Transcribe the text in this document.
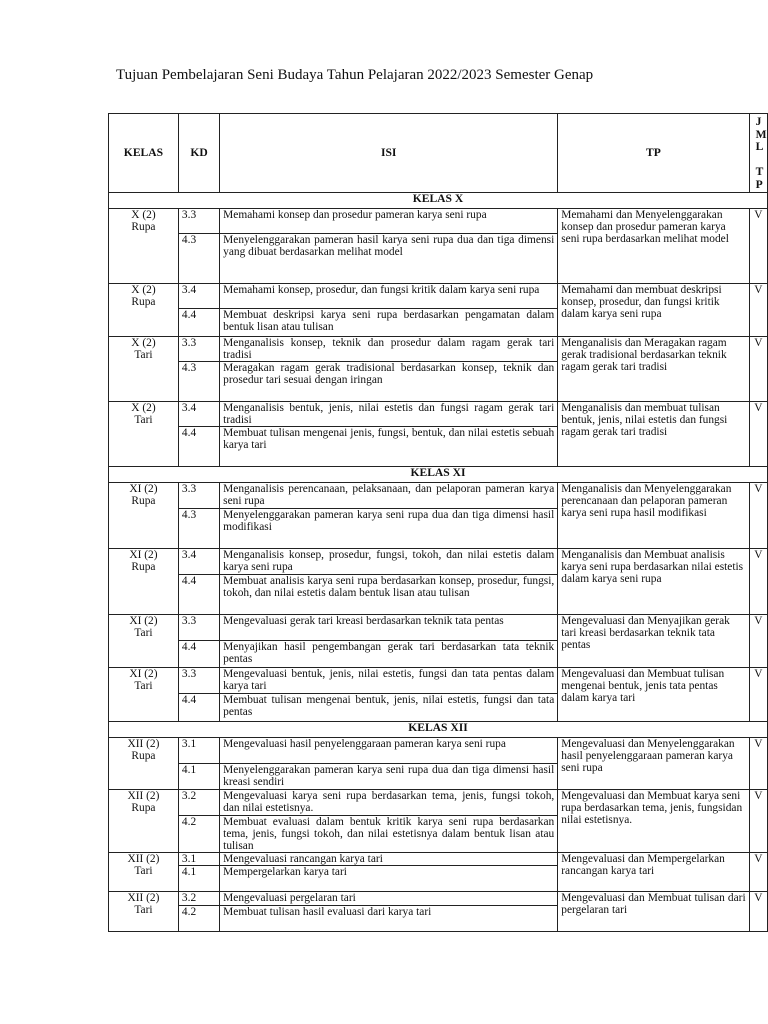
Tujuan Pembelajaran Seni Budaya Tahun Pelajaran 2022/2023 Semester Genap
KELAS	KD	ISI	TP	J
M
L

T
P

KELAS X				

X (2)
Rupa	3.3	Memahami konsep dan prosedur pameran karya seni rupa	Memahami dan Menyelenggarakan konsep dan prosedur pameran karya seni rupa berdasarkan melihat model	V
	4.3	Menyelenggarakan pameran hasil karya seni rupa dua dan tiga dimensi yang dibuat berdasarkan melihat model		

X (2)
Rupa	3.4	Memahami konsep, prosedur, dan fungsi kritik dalam karya seni rupa	Memahami dan membuat deskripsi konsep, prosedur, dan fungsi kritik dalam karya seni rupa	V
	4.4	Membuat deskripsi karya seni rupa berdasarkan pengamatan dalam bentuk lisan atau tulisan		

X (2)
Tari	3.3	Menganalisis konsep, teknik dan prosedur dalam ragam gerak tari tradisi	Menganalisis dan Meragakan ragam gerak tradisional berdasarkan teknik ragam gerak tari tradisi	V
	4.3	Meragakan ragam gerak tradisional berdasarkan konsep, teknik dan prosedur tari sesuai dengan iringan		

X (2)
Tari	3.4	Menganalisis bentuk, jenis, nilai estetis dan fungsi ragam gerak tari tradisi	Menganalisis dan membuat tulisan bentuk, jenis, nilai estetis dan fungsi ragam gerak tari tradisi	V
	4.4	Membuat tulisan mengenai jenis, fungsi, bentuk, dan nilai estetis sebuah karya tari		
KELAS XI				

XI (2)
Rupa	3.3	Menganalisis perencanaan, pelaksanaan, dan pelaporan pameran karya seni rupa	Menganalisis dan Menyelenggarakan perencanaan dan pelaporan pameran karya seni rupa hasil modifikasi	V
	4.3	Menyelenggarakan pameran karya seni rupa dua dan tiga dimensi hasil modifikasi		

XI (2)
Rupa	3.4	Menganalisis konsep, prosedur, fungsi, tokoh, dan nilai estetis dalam karya seni rupa	Menganalisis dan Membuat analisis karya seni rupa berdasarkan nilai estetis dalam karya seni rupa	V
	4.4	Membuat analisis karya seni rupa berdasarkan konsep, prosedur, fungsi, tokoh, dan nilai estetis dalam bentuk lisan atau tulisan		

XI (2)
Tari	3.3	Mengevaluasi gerak tari kreasi berdasarkan teknik tata pentas	Mengevaluasi dan Menyajikan gerak tari kreasi berdasarkan teknik tata pentas	V
	4.4	Menyajikan hasil pengembangan gerak tari berdasarkan tata teknik pentas		

XI (2)
Tari	3.3	Mengevaluasi bentuk, jenis, nilai estetis, fungsi dan tata pentas dalam karya tari	Mengevaluasi dan Membuat tulisan mengenai bentuk, jenis tata pentas dalam karya tari	V
	4.4	Membuat tulisan mengenai bentuk, jenis, nilai estetis, fungsi dan tata pentas		
KELAS XII				

XII (2)
Rupa	3.1	Mengevaluasi hasil penyelenggaraan pameran karya seni rupa	Mengevaluasi dan Menyelenggarakan hasil penyelenggaraan pameran karya seni rupa	V
	4.1	Menyelenggarakan pameran karya seni rupa dua dan tiga dimensi hasil kreasi sendiri		

XII (2)
Rupa	3.2	Mengevaluasi karya seni rupa berdasarkan tema, jenis, fungsi tokoh, dan nilai estetisnya.	Mengevaluasi dan Membuat karya seni rupa berdasarkan tema, jenis, fungsidan nilai estetisnya.	V
	4.2	Membuat evaluasi dalam bentuk kritik karya seni rupa berdasarkan tema, jenis, fungsi tokoh, dan nilai estetisnya dalam bentuk lisan atau tulisan		

XII (2)
Tari	3.1	Mengevaluasi rancangan karya tari	Mengevaluasi dan Mempergelarkan rancangan karya tari	V
	4.1	Mempergelarkan karya tari		

XII (2)
Tari	3.2	Mengevaluasi pergelaran tari	Mengevaluasi dan Membuat tulisan dari pergelaran tari	V
	4.2	Membuat tulisan hasil evaluasi dari karya tari		
